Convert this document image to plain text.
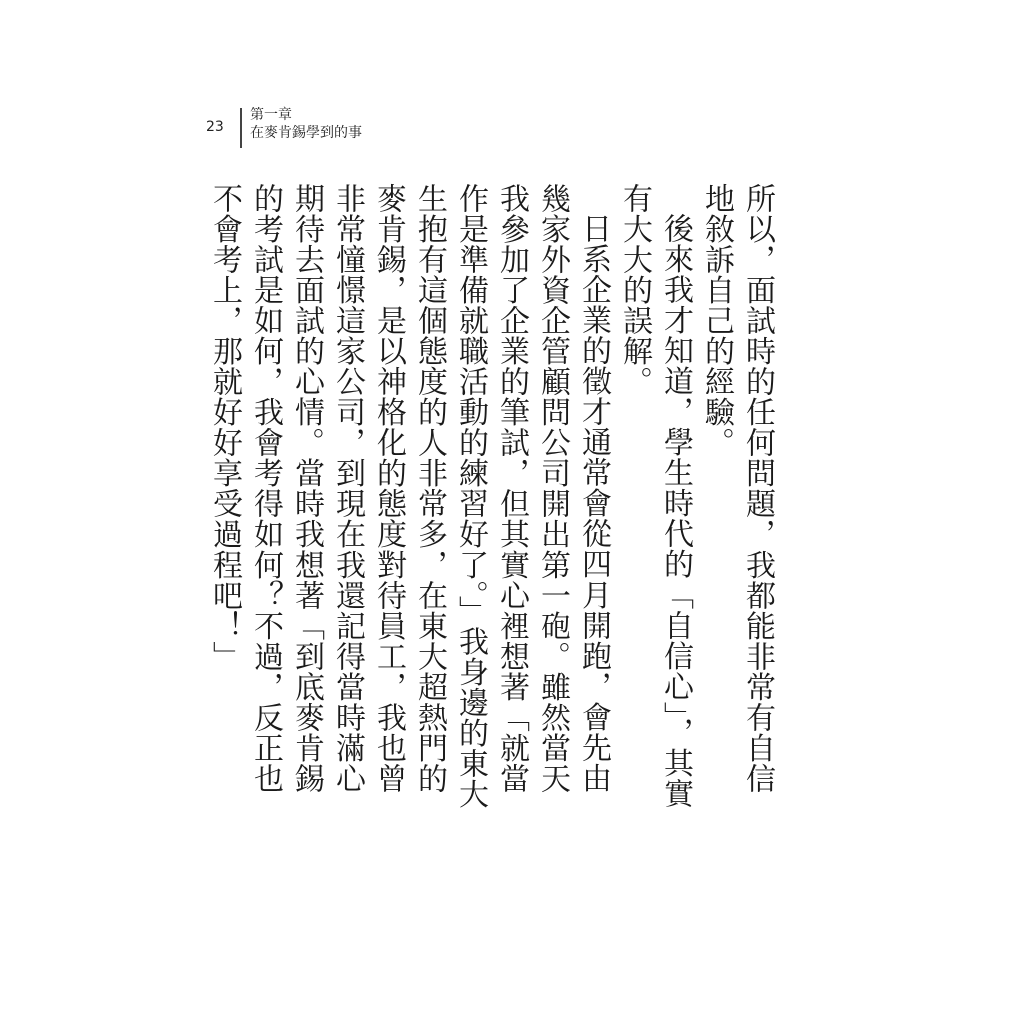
23
第一章
在麥肯錫學到的事

所以，面試時的任何問題，我都能非常有自信地敘訴自己的經驗。

後來我才知道，學生時代的「自信心」，其實有大大的誤解。

日系企業的徵才通常會從四月開跑，會先由幾家外資企管顧問公司開出第一砲。雖然當天我參加了企業的筆試，但其實心裡想著「就當作是準備就職活動的練習好了。」我身邊的東大生抱有這個態度的人非常多，在東大超熱門的麥肯錫，是以神格化的態度對待員工，我也曾非常憧憬這家公司，到現在我還記得當時滿心期待去面試的心情。當時我想著「到底麥肯錫的考試是如何，我會考得如何？不過，反正也不會考上，那就好好享受過程吧！」
